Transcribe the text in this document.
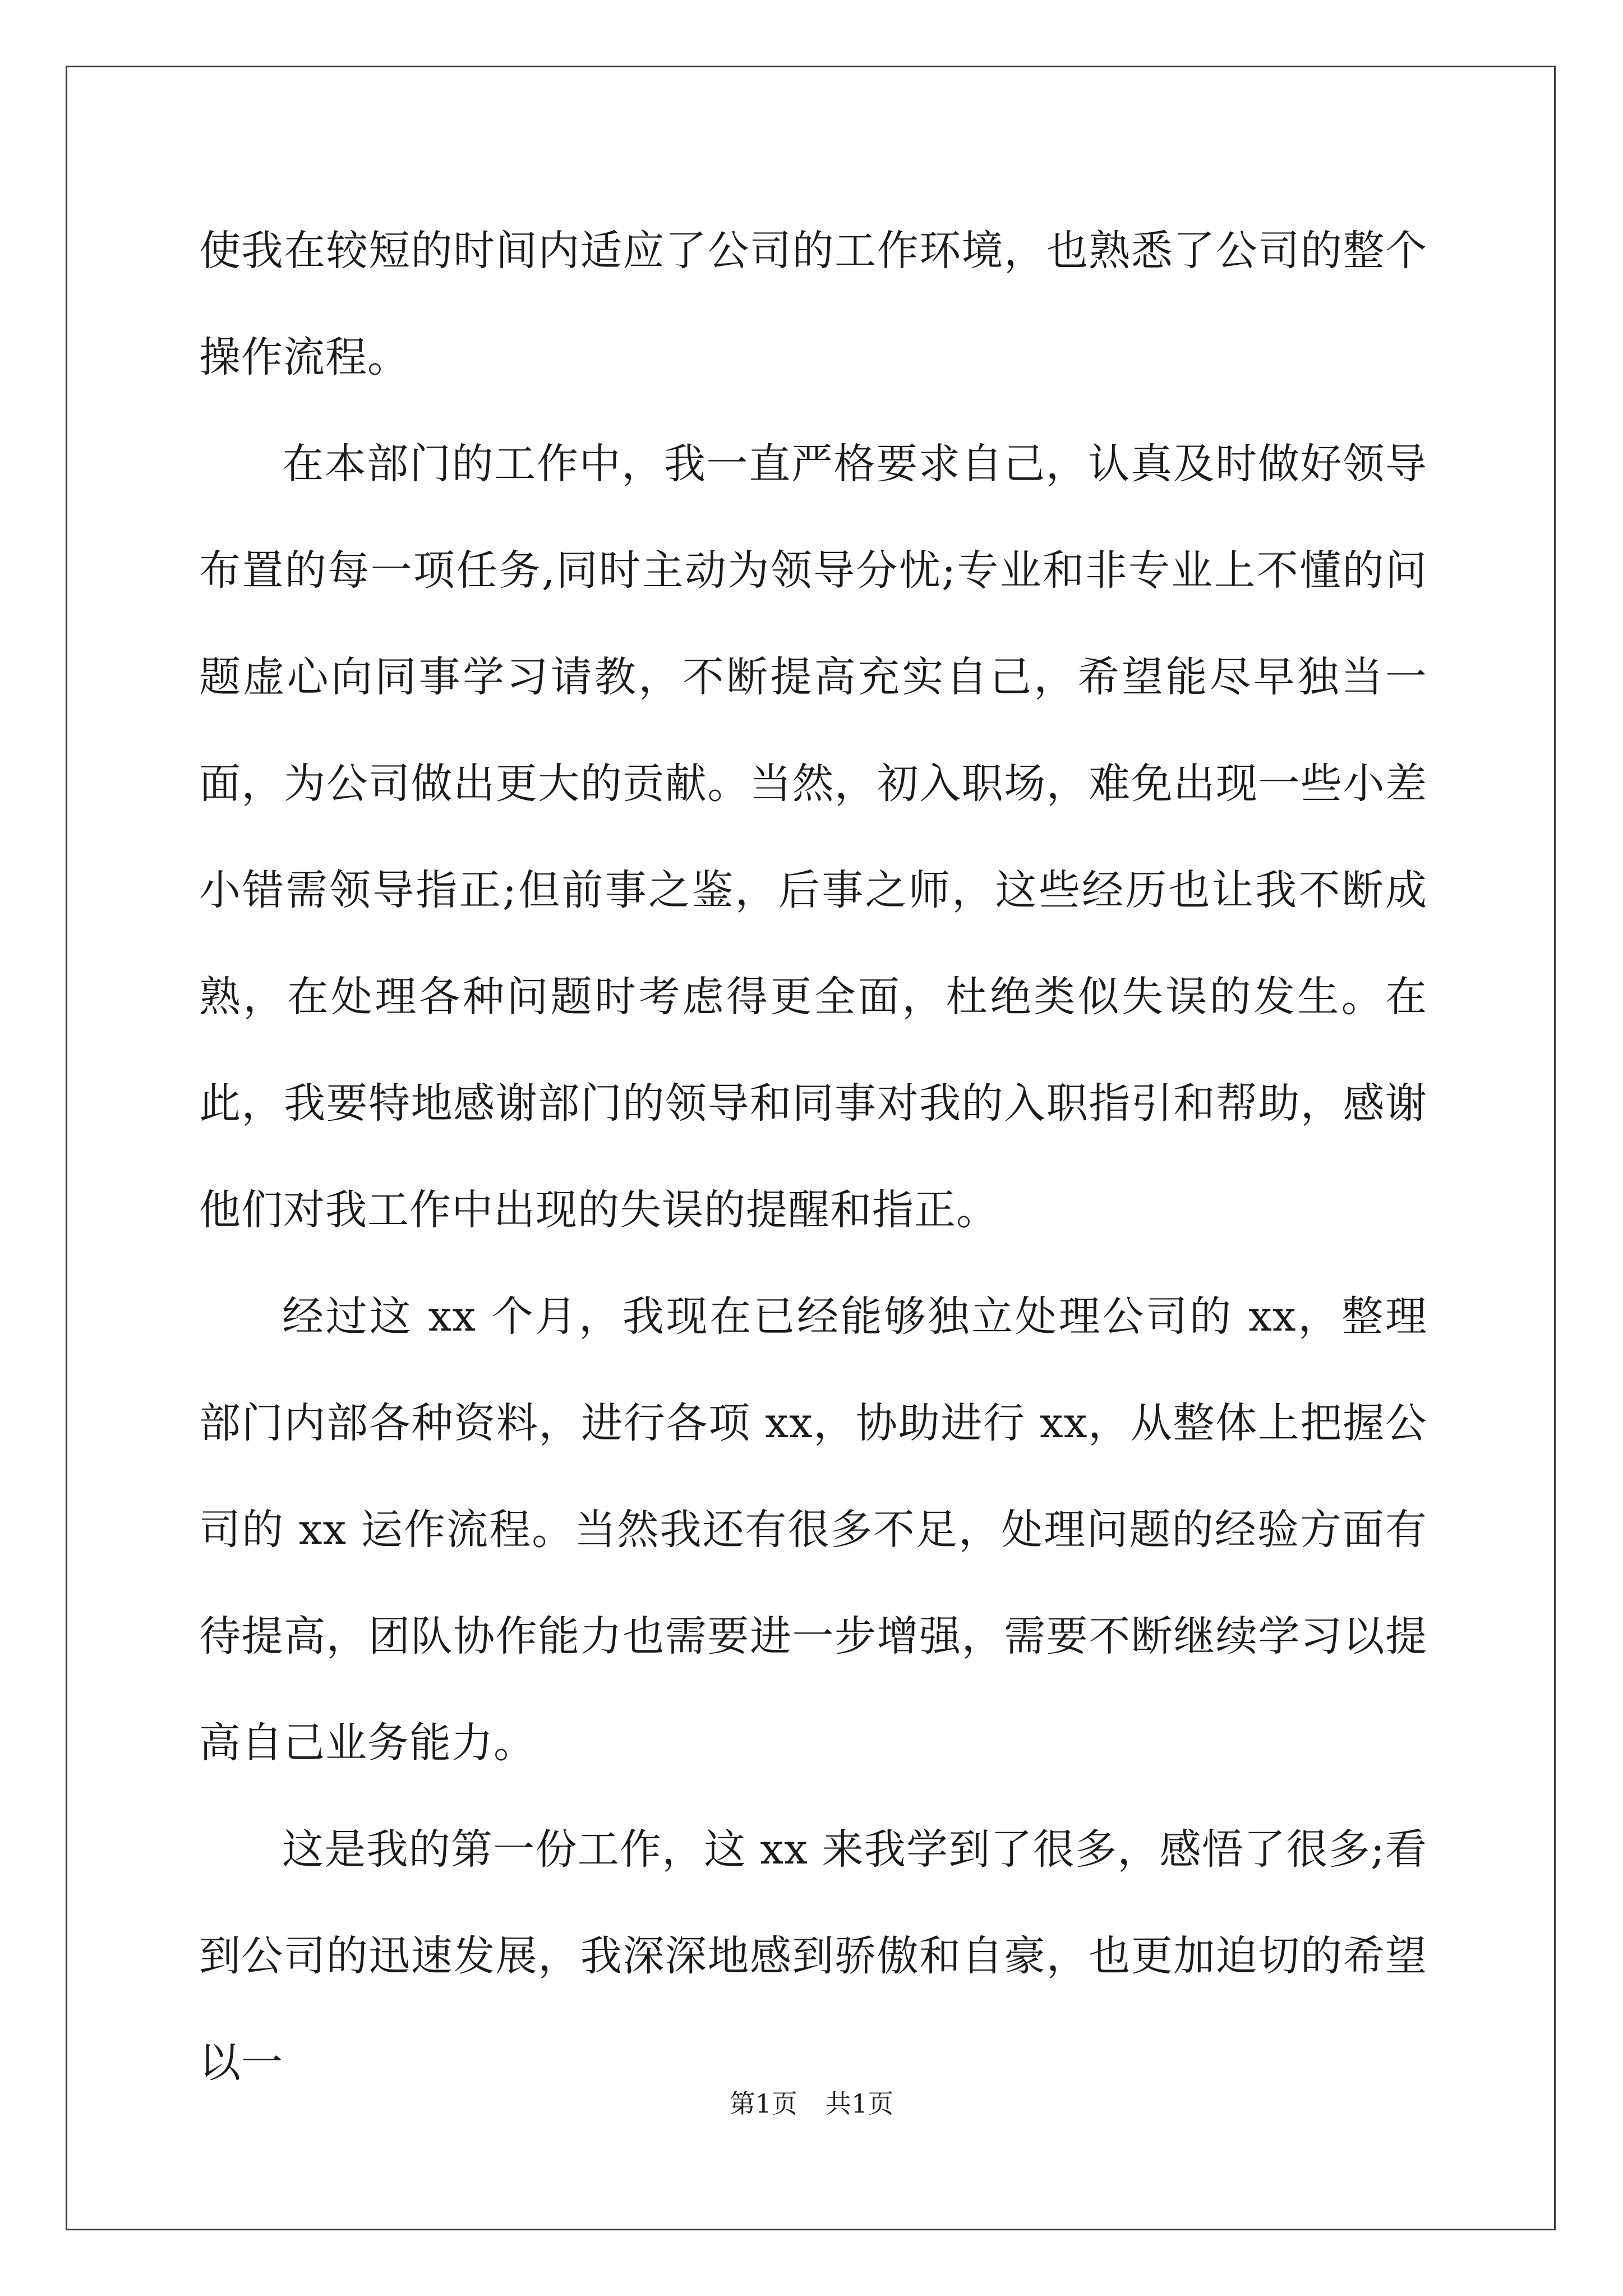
使我在较短的时间内适应了公司的工作环境，也熟悉了公司的整个操作流程。

在本部门的工作中，我一直严格要求自己，认真及时做好领导布置的每一项任务,同时主动为领导分忧;专业和非专业上不懂的问题虚心向同事学习请教，不断提高充实自己，希望能尽早独当一面，为公司做出更大的贡献。当然，初入职场，难免出现一些小差小错需领导指正;但前事之鉴，后事之师，这些经历也让我不断成熟，在处理各种问题时考虑得更全面，杜绝类似失误的发生。在此，我要特地感谢部门的领导和同事对我的入职指引和帮助，感谢他们对我工作中出现的失误的提醒和指正。

经过这 xx 个月，我现在已经能够独立处理公司的 xx，整理部门内部各种资料，进行各项 xx，协助进行 xx，从整体上把握公司的 xx 运作流程。当然我还有很多不足，处理问题的经验方面有待提高，团队协作能力也需要进一步增强，需要不断继续学习以提高自己业务能力。

这是我的第一份工作，这 xx 来我学到了很多，感悟了很多;看到公司的迅速发展，我深深地感到骄傲和自豪，也更加迫切的希望以一

第1页 共1页
